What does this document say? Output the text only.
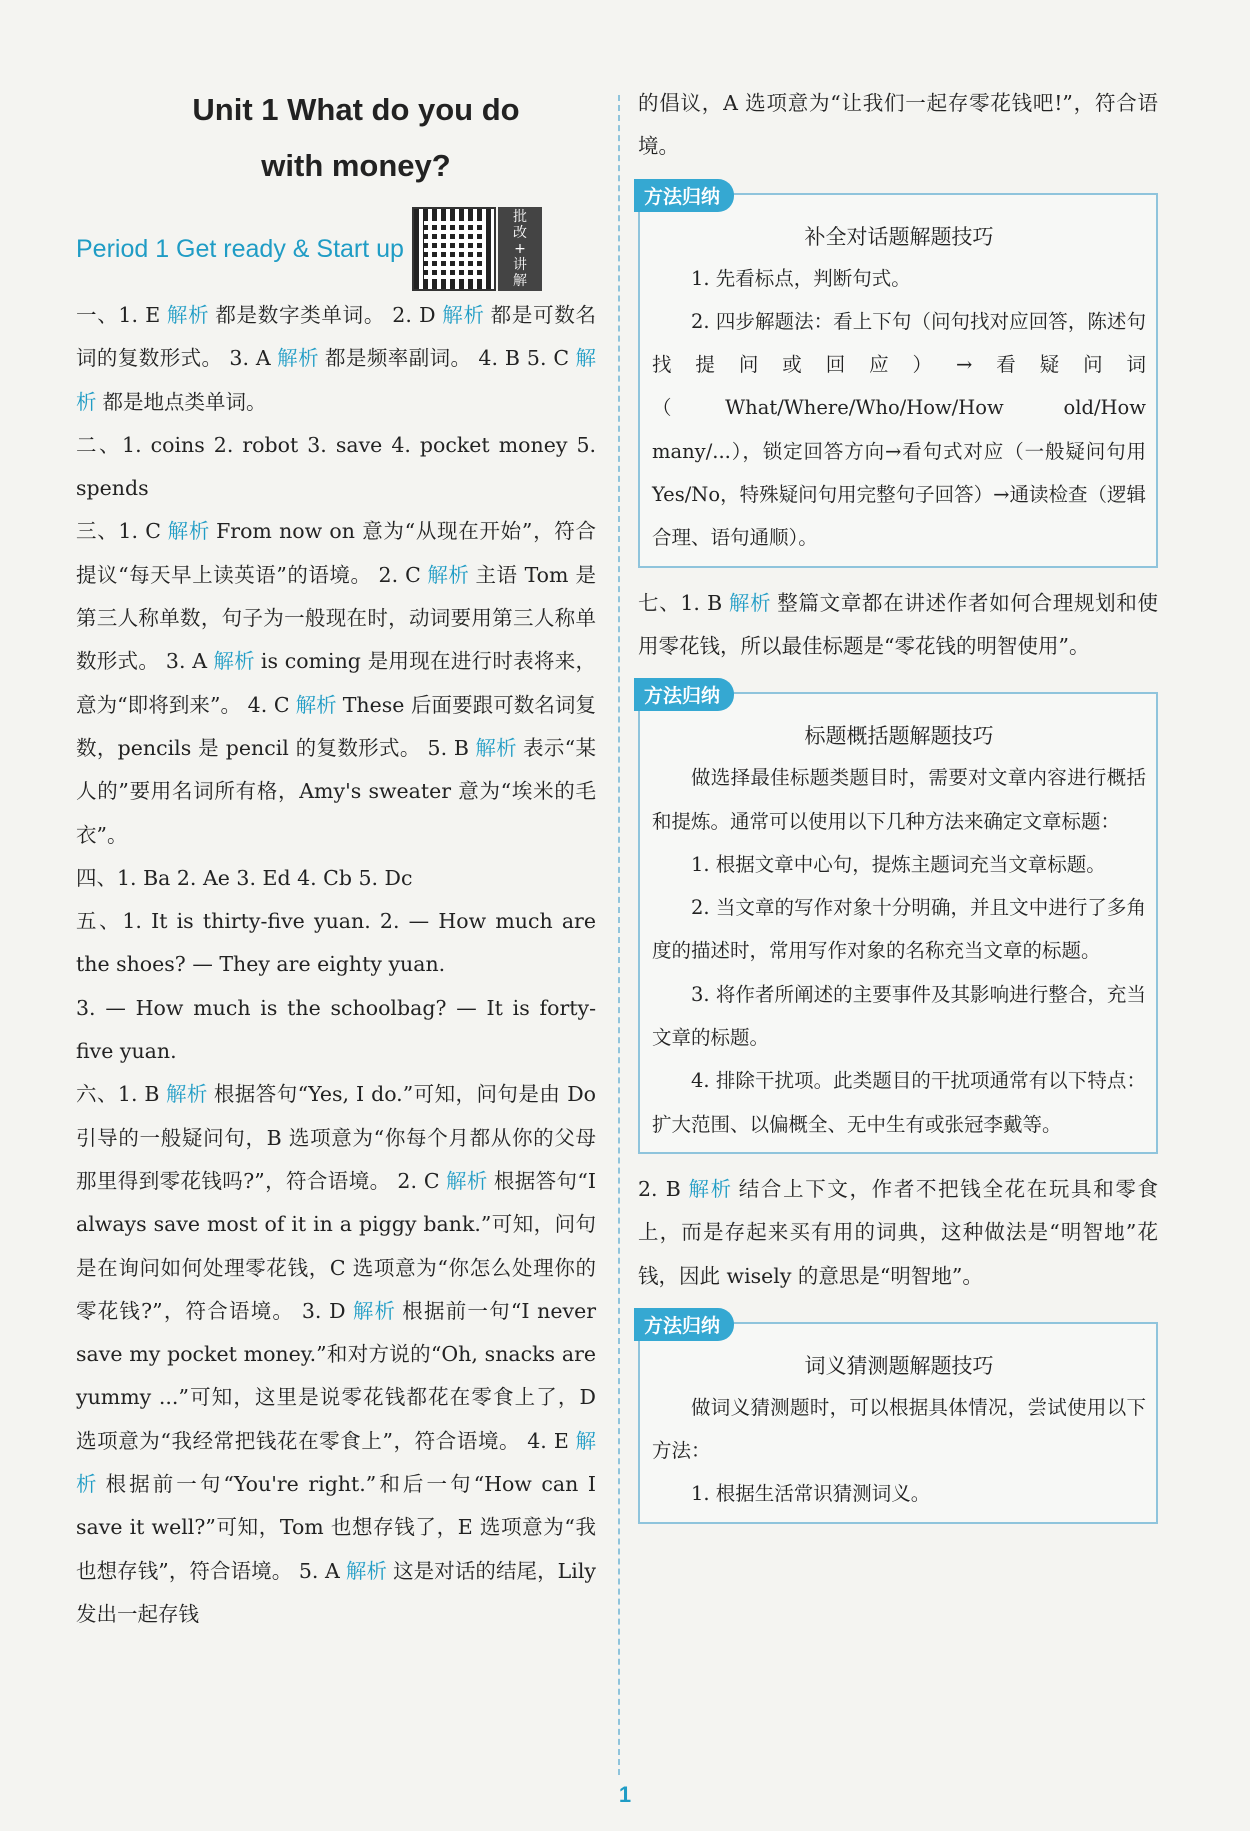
Unit 1 What do you do
with money?
Period 1 Get ready & Start up
批
改
+
讲
解

一、1. E 解析 都是数字类单词。 2. D 解析 都是可数名词的复数形式。 3. A 解析 都是频率副词。 4. B 5. C 解析 都是地点类单词。

二、1. coins 2. robot 3. save 4. pocket money 5. spends

三、1. C 解析 From now on 意为“从现在开始”，符合提议“每天早上读英语”的语境。 2. C 解析 主语 Tom 是第三人称单数，句子为一般现在时，动词要用第三人称单数形式。 3. A 解析 is coming 是用现在进行时表将来，意为“即将到来”。 4. C 解析 These 后面要跟可数名词复数，pencils 是 pencil 的复数形式。 5. B 解析 表示“某人的”要用名词所有格，Amy's sweater 意为“埃米的毛衣”。

四、1. Ba 2. Ae 3. Ed 4. Cb 5. Dc

五、1. It is thirty-five yuan. 2. — How much are the shoes? — They are eighty yuan.

3. — How much is the schoolbag? — It is forty-five yuan.

六、1. B 解析 根据答句“Yes, I do.”可知，问句是由 Do 引导的一般疑问句，B 选项意为“你每个月都从你的父母那里得到零花钱吗?”，符合语境。 2. C 解析 根据答句“I always save most of it in a piggy bank.”可知，问句是在询问如何处理零花钱，C 选项意为“你怎么处理你的零花钱?”，符合语境。 3. D 解析 根据前一句“I never save my pocket money.”和对方说的“Oh, snacks are yummy ...”可知，这里是说零花钱都花在零食上了，D 选项意为“我经常把钱花在零食上”，符合语境。 4. E 解析 根据前一句“You're right.”和后一句“How can I save it well?”可知，Tom 也想存钱了，E 选项意为“我也想存钱”，符合语境。 5. A 解析 这是对话的结尾，Lily 发出一起存钱

的倡议，A 选项意为“让我们一起存零花钱吧!”，符合语境。

方法归纳
补全对话题解题技巧

1. 先看标点，判断句式。

2. 四步解题法：看上下句（问句找对应回答，陈述句找提问或回应）→看疑问词（What/Where/Who/How/How old/How many/...），锁定回答方向→看句式对应（一般疑问句用 Yes/No，特殊疑问句用完整句子回答）→通读检查（逻辑合理、语句通顺）。

七、1. B 解析 整篇文章都在讲述作者如何合理规划和使用零花钱，所以最佳标题是“零花钱的明智使用”。

方法归纳
标题概括题解题技巧

做选择最佳标题类题目时，需要对文章内容进行概括和提炼。通常可以使用以下几种方法来确定文章标题：

1. 根据文章中心句，提炼主题词充当文章标题。

2. 当文章的写作对象十分明确，并且文中进行了多角度的描述时，常用写作对象的名称充当文章的标题。

3. 将作者所阐述的主要事件及其影响进行整合，充当文章的标题。

4. 排除干扰项。此类题目的干扰项通常有以下特点：扩大范围、以偏概全、无中生有或张冠李戴等。

2. B 解析 结合上下文，作者不把钱全花在玩具和零食上，而是存起来买有用的词典，这种做法是“明智地”花钱，因此 wisely 的意思是“明智地”。

方法归纳
词义猜测题解题技巧

做词义猜测题时，可以根据具体情况，尝试使用以下方法：

1. 根据生活常识猜测词义。

1
